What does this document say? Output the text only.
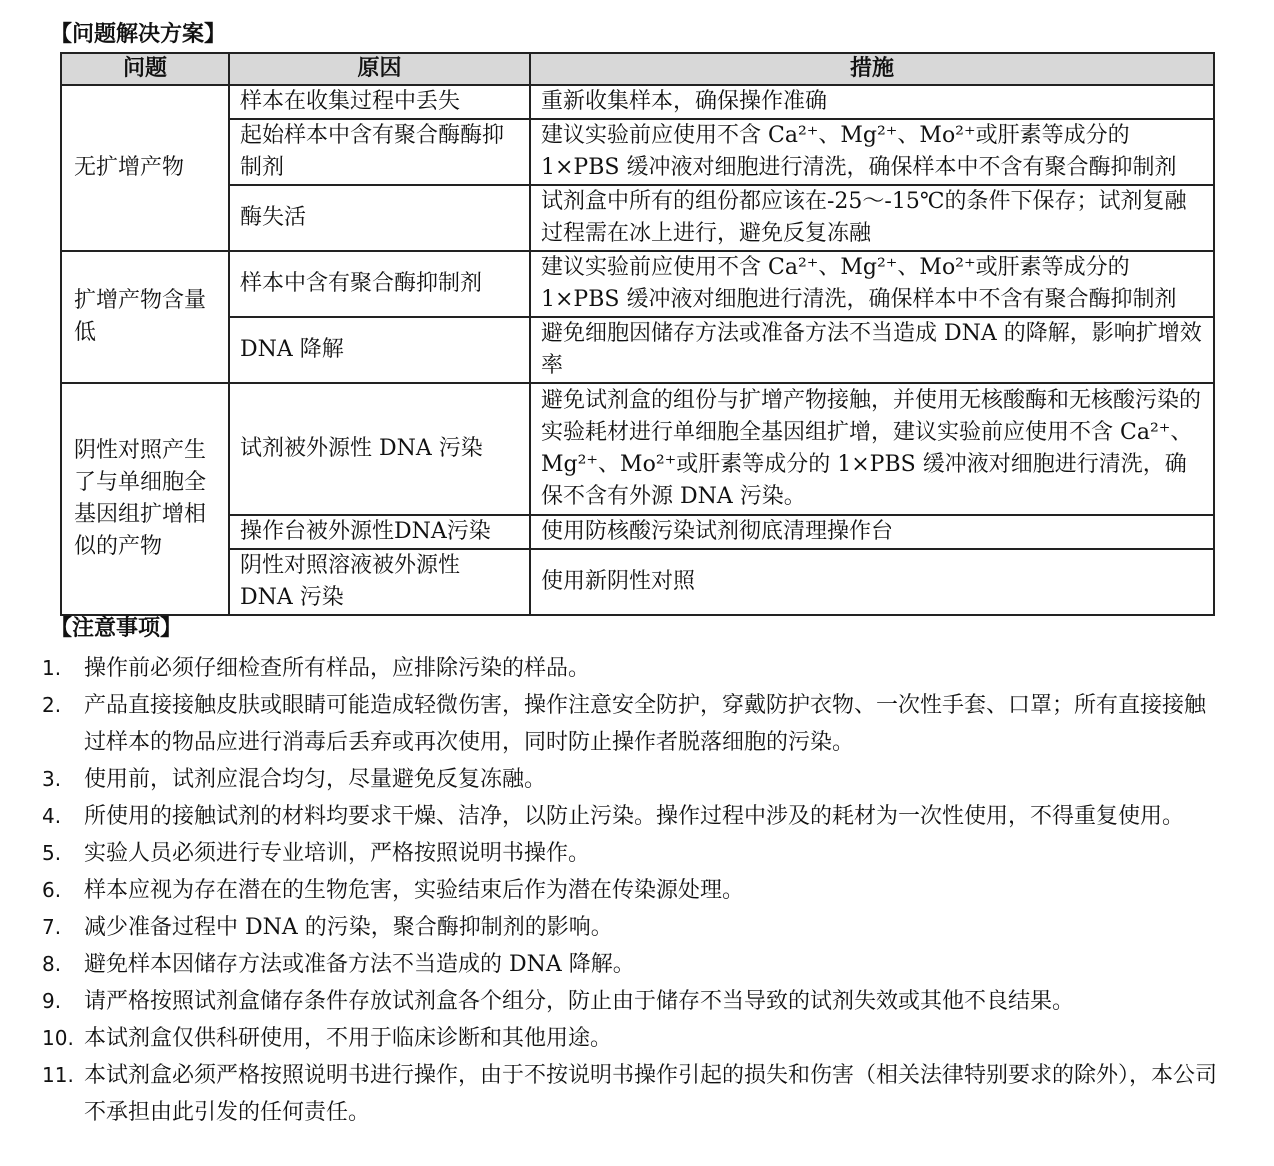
【问题解决方案】
问题	原因	措施
无扩增产物	样本在收集过程中丢失	重新收集样本，确保操作准确
	起始样本中含有聚合酶酶抑制剂	建议实验前应使用不含 Ca²⁺、Mg²⁺、Mo²⁺或肝素等成分的 1×PBS 缓冲液对细胞进行清洗，确保样本中不含有聚合酶抑制剂
	酶失活	试剂盒中所有的组份都应该在-25～-15℃的条件下保存；试剂复融过程需在冰上进行，避免反复冻融
扩增产物含量低	样本中含有聚合酶抑制剂	建议实验前应使用不含 Ca²⁺、Mg²⁺、Mo²⁺或肝素等成分的 1×PBS 缓冲液对细胞进行清洗，确保样本中不含有聚合酶抑制剂
	DNA 降解	避免细胞因储存方法或准备方法不当造成 DNA 的降解，影响扩增效率
阴性对照产生了与单细胞全基因组扩增相似的产物	试剂被外源性 DNA 污染	避免试剂盒的组份与扩增产物接触，并使用无核酸酶和无核酸污染的实验耗材进行单细胞全基因组扩增，建议实验前应使用不含 Ca²⁺、Mg²⁺、Mo²⁺或肝素等成分的 1×PBS 缓冲液对细胞进行清洗，确保不含有外源 DNA 污染。
	操作台被外源性DNA污染	使用防核酸污染试剂彻底清理操作台
	阴性对照溶液被外源性 DNA 污染	使用新阴性对照
【注意事项】
1.	操作前必须仔细检查所有样品，应排除污染的样品。
2.	产品直接接触皮肤或眼睛可能造成轻微伤害，操作注意安全防护，穿戴防护衣物、一次性手套、口罩；所有直接接触过样本的物品应进行消毒后丢弃或再次使用，同时防止操作者脱落细胞的污染。
3.	使用前，试剂应混合均匀，尽量避免反复冻融。
4.	所使用的接触试剂的材料均要求干燥、洁净，以防止污染。操作过程中涉及的耗材为一次性使用，不得重复使用。
5.	实验人员必须进行专业培训，严格按照说明书操作。
6.	样本应视为存在潜在的生物危害，实验结束后作为潜在传染源处理。
7.	减少准备过程中 DNA 的污染，聚合酶抑制剂的影响。
8.	避免样本因储存方法或准备方法不当造成的 DNA 降解。
9.	请严格按照试剂盒储存条件存放试剂盒各个组分，防止由于储存不当导致的试剂失效或其他不良结果。
10. 本试剂盒仅供科研使用，不用于临床诊断和其他用途。
11. 本试剂盒必须严格按照说明书进行操作，由于不按说明书操作引起的损失和伤害（相关法律特别要求的除外），本公司不承担由此引发的任何责任。
